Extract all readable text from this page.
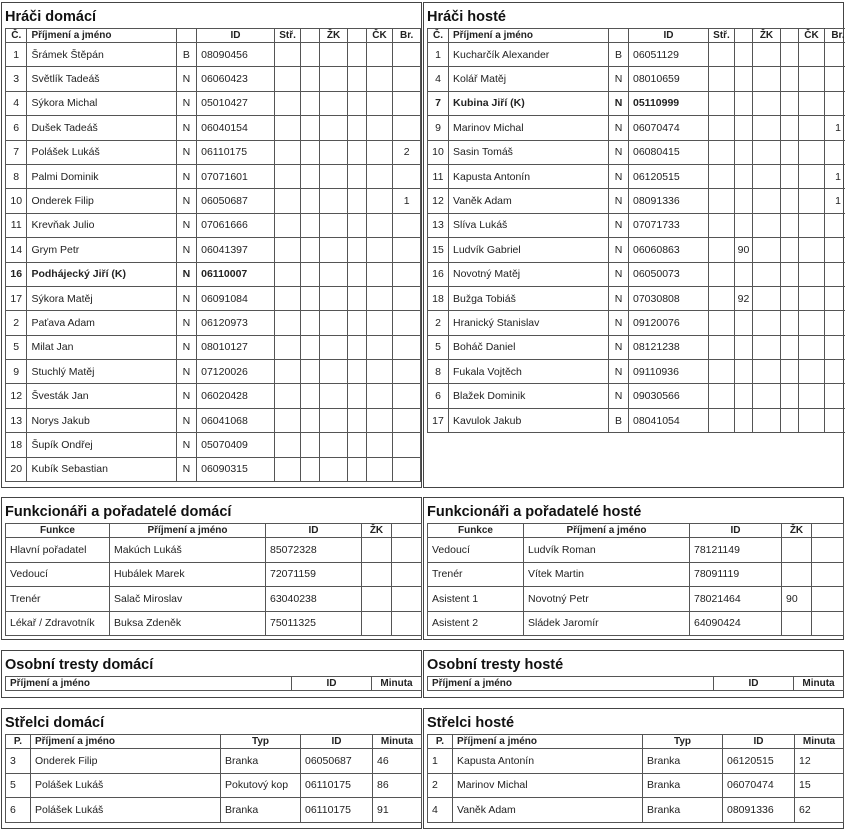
Hráči domácí
Č.	Příjmení a jméno		ID	Stř.		ŽK		ČK	Br.
1	Šrámek Štěpán	B	08090456						
3	Světlík Tadeáš	N	06060423						
4	Sýkora Michal	N	05010427						
6	Dušek Tadeáš	N	06040154						
7	Polášek Lukáš	N	06110175						2
8	Palmi Dominik	N	07071601						
10	Onderek Filip	N	06050687						1
11	Krevňak Julio	N	07061666						
14	Grym Petr	N	06041397						
16	Podhájecký Jiří (K)	N	06110007						
17	Sýkora Matěj	N	06091084						
2	Paťava Adam	N	06120973						
5	Milat Jan	N	08010127						
9	Stuchlý Matěj	N	07120026						
12	Švesták Jan	N	06020428						
13	Norys Jakub	N	06041068						
18	Šupík Ondřej	N	05070409						
20	Kubík Sebastian	N	06090315						
Hráči hosté
Č.	Příjmení a jméno		ID	Stř.		ŽK		ČK	Br.
1	Kucharčík Alexander	B	06051129						
4	Kolář Matěj	N	08010659						
7	Kubina Jiří (K)	N	05110999						
9	Marinov Michal	N	06070474						1
10	Sasin Tomáš	N	06080415						
11	Kapusta Antonín	N	06120515						1
12	Vaněk Adam	N	08091336						1
13	Slíva Lukáš	N	07071733						
15	Ludvík Gabriel	N	06060863		90				
16	Novotný Matěj	N	06050073						
18	Bužga Tobiáš	N	07030808		92				
2	Hranický Stanislav	N	09120076						
5	Boháč Daniel	N	08121238						
8	Fukala Vojtěch	N	09110936						
6	Blažek Dominik	N	09030566						
17	Kavulok Jakub	B	08041054						
Funkcionáři a pořadatelé domácí
Funkce	Příjmení a jméno	ID	ŽK	
Hlavní pořadatel	Makúch Lukáš	85072328		
Vedoucí	Hubálek Marek	72071159		
Trenér	Salač Miroslav	63040238		
Lékař / Zdravotník	Buksa Zdeněk	75011325		
Funkcionáři a pořadatelé hosté
Funkce	Příjmení a jméno	ID	ŽK	
Vedoucí	Ludvík Roman	78121149		
Trenér	Vítek Martin	78091119		
Asistent 1	Novotný Petr	78021464	90	
Asistent 2	Sládek Jaromír	64090424		
Osobní tresty domácí
Příjmení a jméno	ID	Minuta
Osobní tresty hosté
Příjmení a jméno	ID	Minuta
Střelci domácí
P.	Příjmení a jméno	Typ	ID	Minuta
3	Onderek Filip	Branka	06050687	46
5	Polášek Lukáš	Pokutový kop	06110175	86
6	Polášek Lukáš	Branka	06110175	91
Střelci hosté
P.	Příjmení a jméno	Typ	ID	Minuta
1	Kapusta Antonín	Branka	06120515	12
2	Marinov Michal	Branka	06070474	15
4	Vaněk Adam	Branka	08091336	62
